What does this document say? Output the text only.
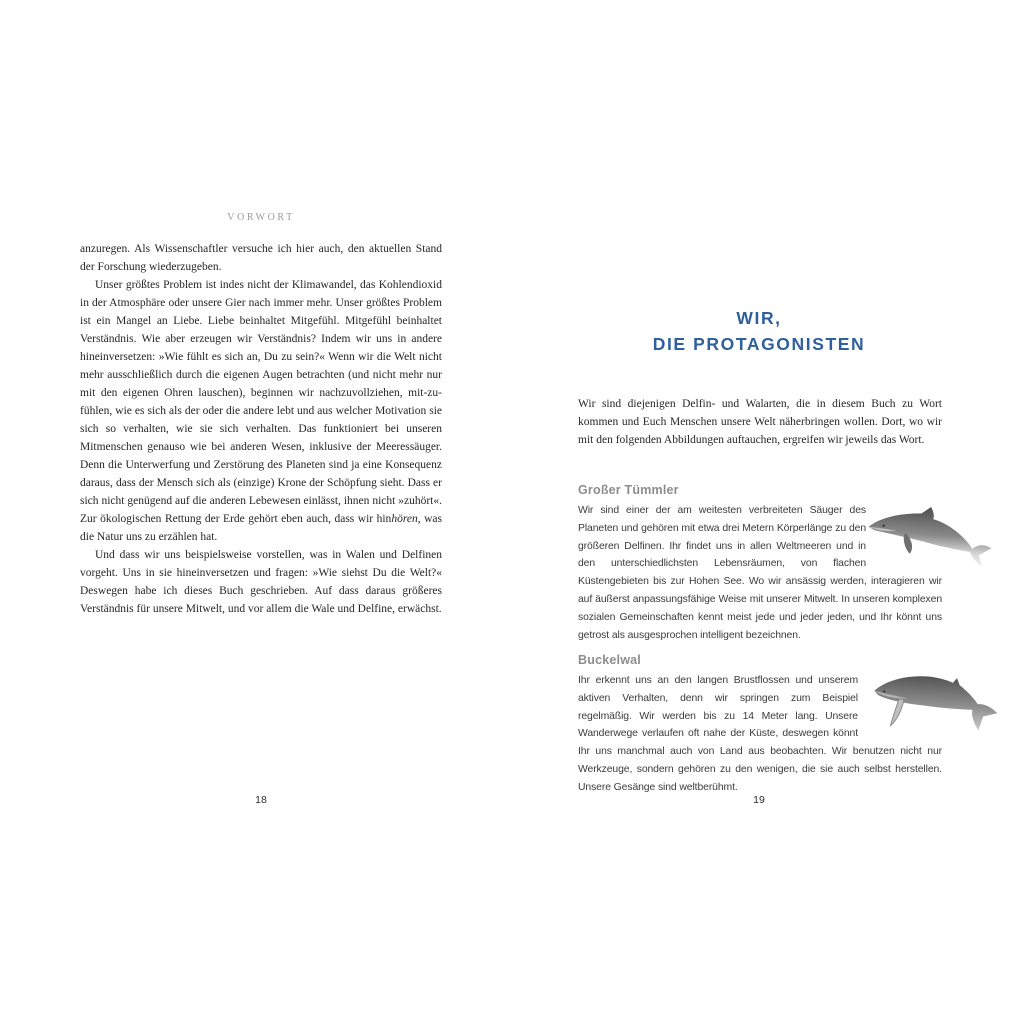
VORWORT

anzuregen. Als Wissenschaftler versuche ich hier auch, den aktuellen Stand der Forschung wiederzugeben.

Unser größtes Problem ist indes nicht der Klimawandel, das Kohlendioxid in der Atmosphäre oder unsere Gier nach immer mehr. Unser größtes Problem ist ein Mangel an Liebe. Liebe beinhaltet Mitgefühl. Mitgefühl beinhaltet Verständnis. Wie aber erzeugen wir Verständnis? Indem wir uns in andere hineinversetzen: »Wie fühlt es sich an, Du zu sein?« Wenn wir die Welt nicht mehr ausschließlich durch die eigenen Augen betrachten (und nicht mehr nur mit den eigenen Ohren lauschen), beginnen wir nachzuvollziehen, mit-zu-fühlen, wie es sich als der oder die andere lebt und aus welcher Motivation sie sich so verhalten, wie sie sich verhalten. Das funktioniert bei unseren Mitmenschen genauso wie bei anderen Wesen, inklusive der Meeressäuger. Denn die Unterwerfung und Zerstörung des Planeten sind ja eine Konsequenz daraus, dass der Mensch sich als (einzige) Krone der Schöpfung sieht. Dass er sich nicht genügend auf die anderen Lebewesen einlässt, ihnen nicht »zuhört«. Zur ökologischen Rettung der Erde gehört eben auch, dass wir hinhören, was die Natur uns zu erzählen hat.

Und dass wir uns beispielsweise vorstellen, was in Walen und Delfinen vorgeht. Uns in sie hineinversetzen und fragen: »Wie siehst Du die Welt?« Deswegen habe ich dieses Buch geschrieben. Auf dass daraus größeres Verständnis für unsere Mitwelt, und vor allem die Wale und Delfine, erwächst.

18
WIR,
DIE PROTAGONISTEN

Wir sind diejenigen Delfin- und Walarten, die in diesem Buch zu Wort kommen und Euch Menschen unsere Welt näherbringen wollen. Dort, wo wir mit den folgenden Abbildungen auftauchen, ergreifen wir jeweils das Wort.

Großer Tümmler
Wir sind einer der am weitesten verbreiteten Säuger des Planeten und gehören mit etwa drei Metern Körperlänge zu den größeren Delfinen. Ihr findet uns in allen Weltmeeren und in den unterschiedlichsten Lebensräumen, von flachen Küstengebieten bis zur Hohen See. Wo wir ansässig werden, interagieren wir auf äußerst anpassungsfähige Weise mit unserer Mitwelt. In unseren komplexen sozialen Gemeinschaften kennt meist jede und jeder jeden, und Ihr könnt uns getrost als ausgesprochen intelligent bezeichnen.
Buckelwal
Ihr erkennt uns an den langen Brustflossen und unserem aktiven Verhalten, denn wir springen zum Beispiel regelmäßig. Wir werden bis zu 14 Meter lang. Unsere Wanderwege verlaufen oft nahe der Küste, deswegen könnt Ihr uns manchmal auch von Land aus beobachten. Wir benutzen nicht nur Werkzeuge, sondern gehören zu den wenigen, die sie auch selbst herstellen. Unsere Gesänge sind weltberühmt.
19
